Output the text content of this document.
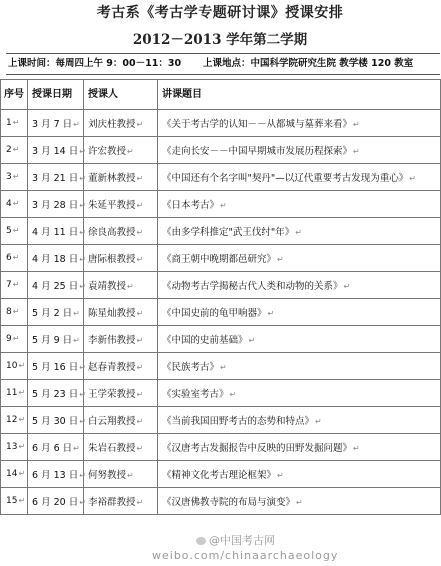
考古系《考古学专题研讨课》授课安排
2012－2013 学年第二学期
上课时间：每周四上午 9：00－11：30 上课地点：中国科学院研究生院 教学楼 120 教室
序号	授课日期	授课人	讲课题目
1↵	3 月 7 日↵	刘庆柱教授↵	《关于考古学的认知－－从都城与墓葬来看》↵
2↵	3 月 14 日↵	许宏教授↵	《走向长安－－中国早期城市发展历程探索》↵
3↵	3 月 21 日↵	董新林教授↵	《中国还有个名字叫"契丹"—以辽代重要考古发现为重心》↵
4↵	3 月 28 日↵	朱延平教授↵	《日本考古》↵
5↵	4 月 11 日↵	徐良高教授↵	《由多学科推定"武王伐纣"年》↵
6↵	4 月 18 日↵	唐际根教授↵	《商王朝中晚期都邑研究》↵
7↵	4 月 25 日↵	袁靖教授↵	《动物考古学揭秘古代人类和动物的关系》↵
8↵	5 月 2 日↵	陈星灿教授↵	《中国史前的龟甲响器》↵
9↵	5 月 9 日↵	李新伟教授↵	《中国的史前基础》↵
10↵	5 月 16 日↵	赵春青教授↵	《民族考古》↵
11↵	5 月 23 日↵	王学荣教授↵	《实验室考古》↵
12↵	5 月 30 日↵	白云翔教授↵	《当前我国田野考古的态势和特点》↵
13↵	6 月 6 日↵	朱岩石教授↵	《汉唐考古发掘报告中反映的田野发掘问题》↵
14↵	6 月 13 日↵	何努教授↵	《精神文化考古理论框架》↵
15↵	6 月 20 日↵	李裕群教授↵	《汉唐佛教寺院的布局与演变》↵
@中国考古网
weibo.com/chinaarchaeology
